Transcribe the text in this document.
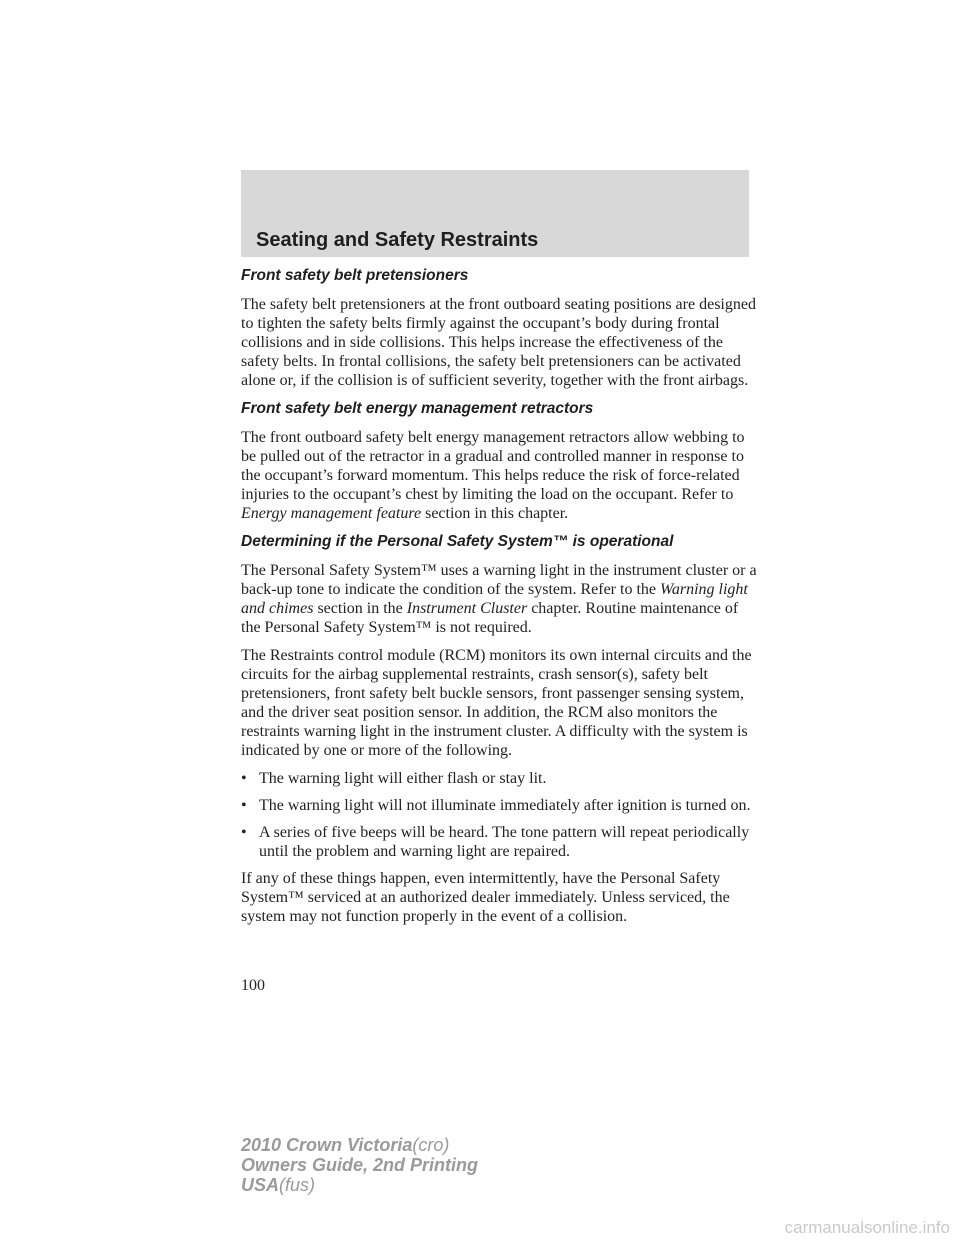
Seating and Safety Restraints
Front safety belt pretensioners

The safety belt pretensioners at the front outboard seating positions are designed to tighten the safety belts firmly against the occupant’s body during frontal collisions and in side collisions. This helps increase the effectiveness of the safety belts. In frontal collisions, the safety belt pretensioners can be activated alone or, if the collision is of sufficient severity, together with the front airbags.

Front safety belt energy management retractors

The front outboard safety belt energy management retractors allow webbing to be pulled out of the retractor in a gradual and controlled manner in response to the occupant’s forward momentum. This helps reduce the risk of force-related injuries to the occupant’s chest by limiting the load on the occupant. Refer to Energy management feature section in this chapter.

Determining if the Personal Safety System™ is operational

The Personal Safety System™ uses a warning light in the instrument cluster or a back-up tone to indicate the condition of the system. Refer to the Warning light and chimes section in the Instrument Cluster chapter. Routine maintenance of the Personal Safety System™ is not required.

The Restraints control module (RCM) monitors its own internal circuits and the circuits for the airbag supplemental restraints, crash sensor(s), safety belt pretensioners, front safety belt buckle sensors, front passenger sensing system, and the driver seat position sensor. In addition, the RCM also monitors the restraints warning light in the instrument cluster. A difficulty with the system is indicated by one or more of the following.

• The warning light will either flash or stay lit.
• The warning light will not illuminate immediately after ignition is turned on.
• A series of five beeps will be heard. The tone pattern will repeat periodically until the problem and warning light are repaired.

If any of these things happen, even intermittently, have the Personal Safety System™ serviced at an authorized dealer immediately. Unless serviced, the system may not function properly in the event of a collision.

100
2010 Crown Victoria(cro)
Owners Guide, 2nd Printing
USA(fus)
carmanualsonline.info
